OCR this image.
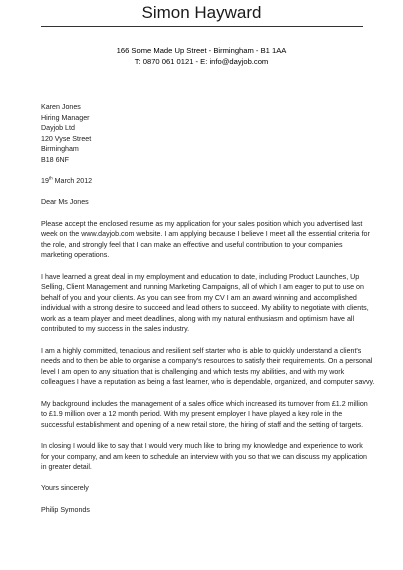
Simon Hayward
166 Some Made Up Street - Birmingham - B1 1AA
T: 0870 061 0121 - E: info@dayjob.com
Karen Jones
Hiring Manager
Dayjob Ltd
120 Vyse Street
Birmingham
B18 6NF
19th March 2012
Dear Ms Jones
Please accept the enclosed resume as my application for your sales position which you advertised last
week on the www.dayjob.com website. I am applying because I believe I meet all the essential criteria for
the role, and strongly feel that I can make an effective and useful contribution to your companies
marketing operations.
I have learned a great deal in my employment and education to date, including Product Launches, Up
Selling, Client Management and running Marketing Campaigns, all of which I am eager to put to use on
behalf of you and your clients. As you can see from my CV I am an award winning and accomplished
individual with a strong desire to succeed and lead others to succeed. My ability to negotiate with clients,
work as a team player and meet deadlines, along with my natural enthusiasm and optimism have all
contributed to my success in the sales industry.
I am a highly committed, tenacious and resilient self starter who is able to quickly understand a client's
needs and to then be able to organise a company's resources to satisfy their requirements. On a personal
level I am open to any situation that is challenging and which tests my abilities, and with my work
colleagues I have a reputation as being a fast learner, who is dependable, organized, and computer savvy.
My background includes the management of a sales office which increased its turnover from £1.2 million
to £1.9 million over a 12 month period. With my present employer I have played a key role in the
successful establishment and opening of a new retail store, the hiring of staff and the setting of targets.
In closing I would like to say that I would very much like to bring my knowledge and experience to work
for your company, and am keen to schedule an interview with you so that we can discuss my application
in greater detail.
Yours sincerely
Philip Symonds
